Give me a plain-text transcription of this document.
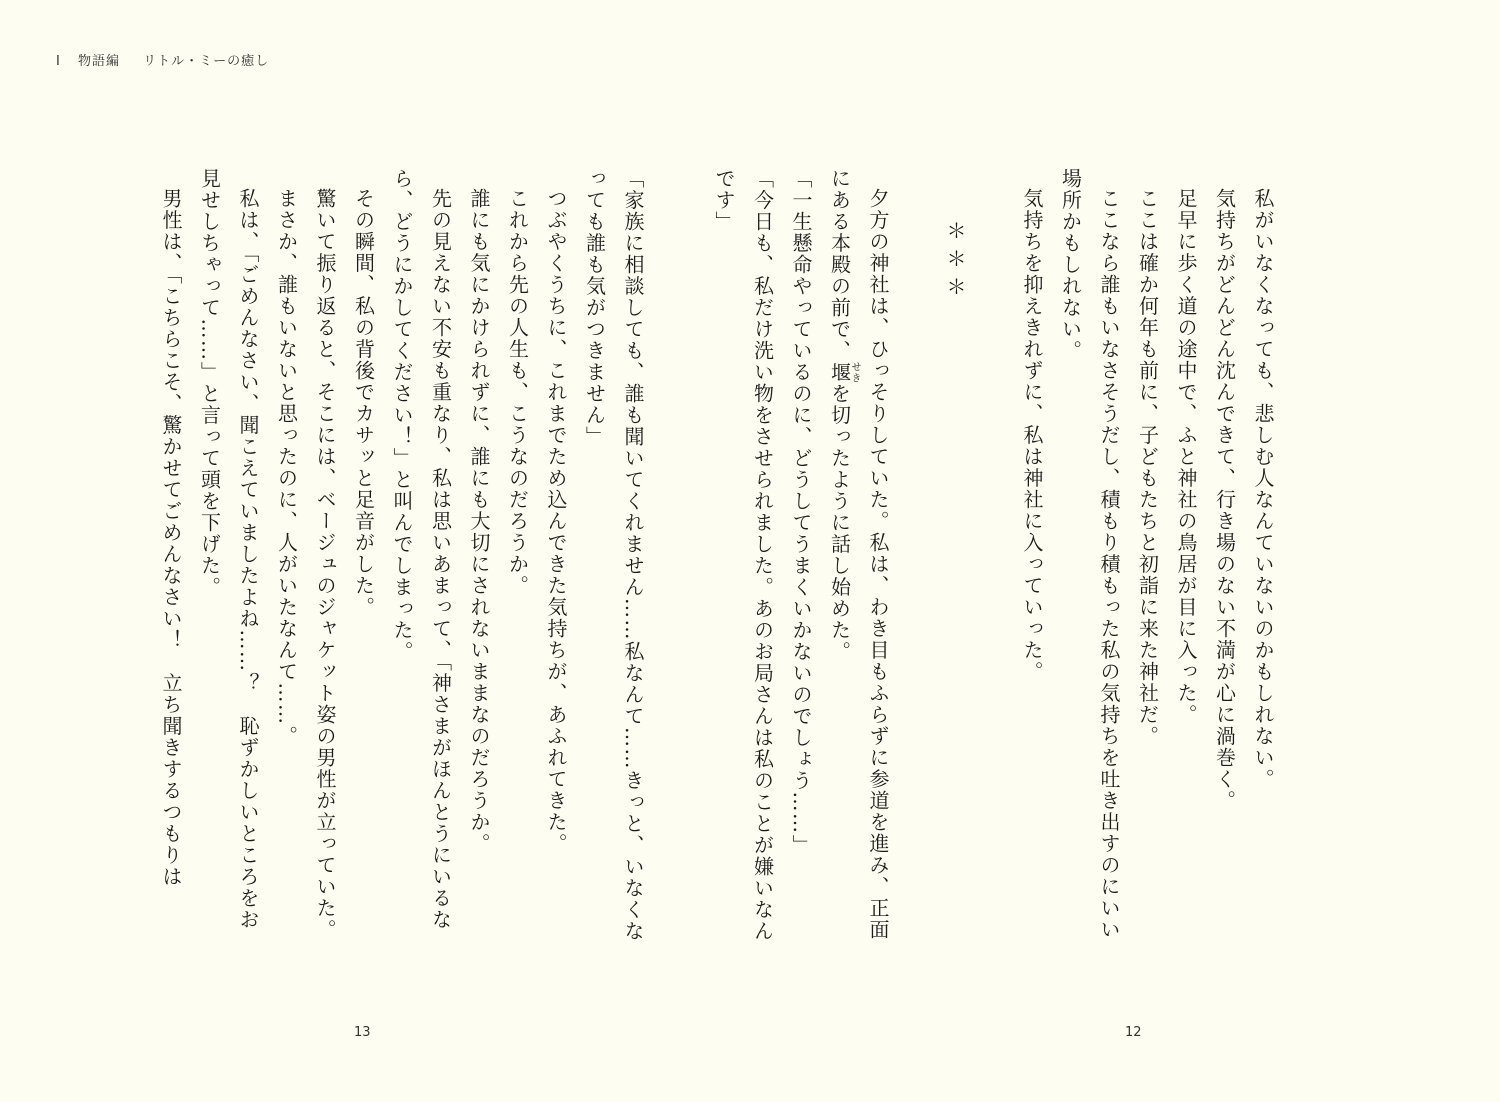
Ⅰ 物語編 リトル・ミーの癒し

私がいなくなっても、悲しむ人なんていないのかもしれない。

気持ちがどんどん沈んできて、行き場のない不満が心に渦巻く。

足早に歩く道の途中で、ふと神社の鳥居が目に入った。

ここは確か何年も前に、子どもたちと初詣に来た神社だ。

ここなら誰もいなさそうだし、積もり積もった私の気持ちを吐き出すのにいい場所かもしれない。

気持ちを抑えきれずに、私は神社に入っていった。

＊＊＊

夕方の神社は、ひっそりしていた。私は、わき目もふらずに参道を進み、正面にある本殿の前で、堰せきを切ったように話し始めた。

「一生懸命やっているのに、どうしてうまくいかないのでしょう……」

「今日も、私だけ洗い物をさせられました。あのお局さんは私のことが嫌いなんです」

「家族に相談しても、誰も聞いてくれません……私なんて……きっと、いなくなっても誰も気がつきません」

つぶやくうちに、これまでため込んできた気持ちが、あふれてきた。

これから先の人生も、こうなのだろうか。

誰にも気にかけられずに、誰にも大切にされないままなのだろうか。

先の見えない不安も重なり、私は思いあまって、「神さまがほんとうにいるなら、どうにかしてください！」と叫んでしまった。

その瞬間、私の背後でカサッと足音がした。

驚いて振り返ると、そこには、ベージュのジャケット姿の男性が立っていた。

まさか、誰もいないと思ったのに、人がいたなんて……。

私は、「ごめんなさい、聞こえていましたよね……？　恥ずかしいところをお見せしちゃって……」と言って頭を下げた。

男性は、「こちらこそ、驚かせてごめんなさい！　立ち聞きするつもりは

13	12
